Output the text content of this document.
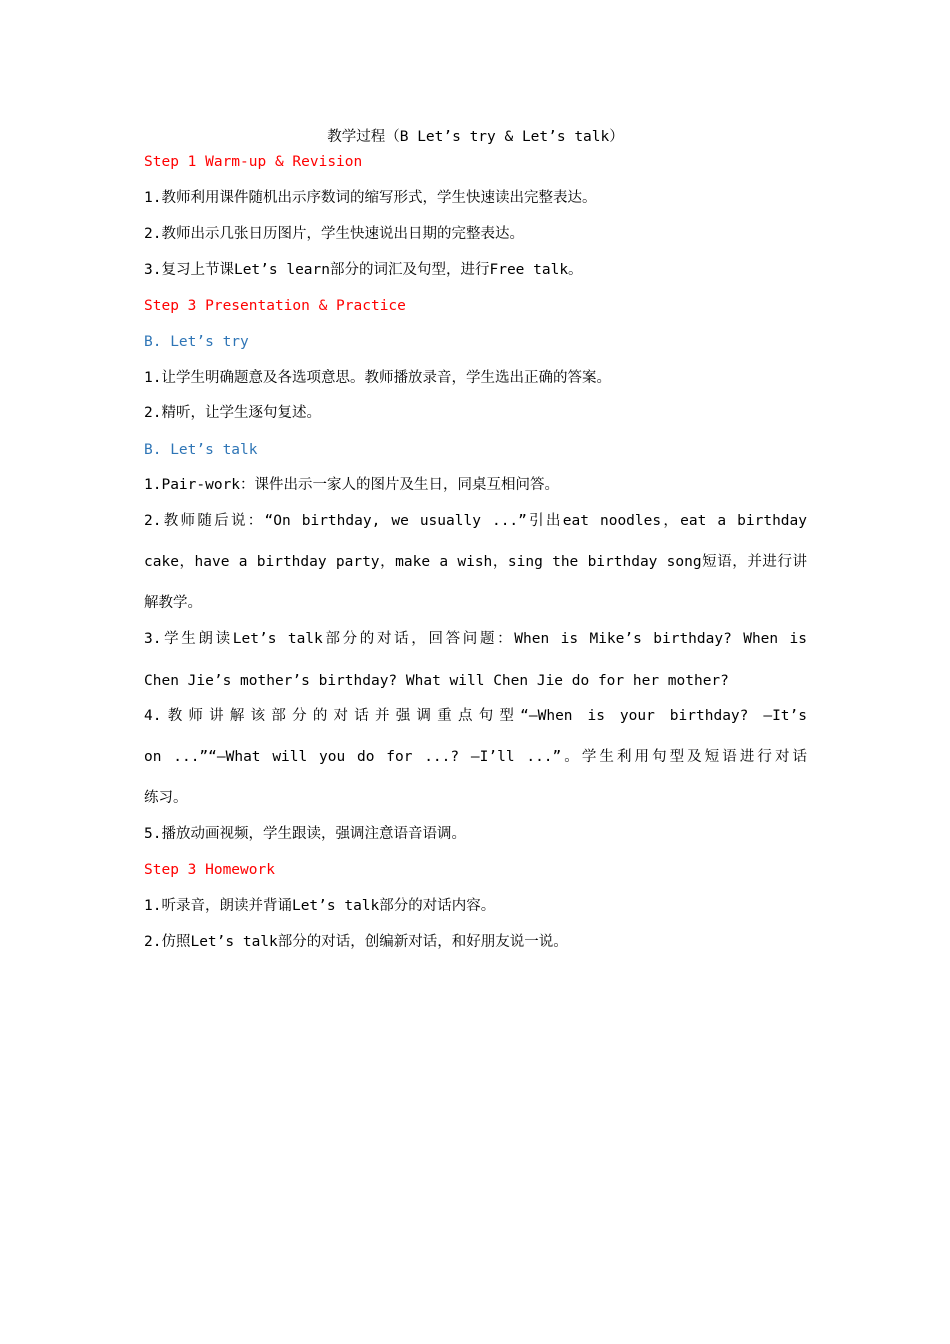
教学过程（B Let’s try & Let’s talk）
Step 1 Warm-up & Revision
1.教师利用课件随机出示序数词的缩写形式，学生快速读出完整表达。
2.教师出示几张日历图片，学生快速说出日期的完整表达。
3.复习上节课Let’s learn部分的词汇及句型，进行Free talk。
Step 3 Presentation & Practice
B. Let’s try
1.让学生明确题意及各选项意思。教师播放录音，学生选出正确的答案。
2.精听，让学生逐句复述。
B. Let’s talk
1.Pair-work：课件出示一家人的图片及生日，同桌互相问答。
2.教师随后说：“On birthday, we usually ...”引出eat noodles，eat a birthday
cake，have a birthday party，make a wish，sing the birthday song短语，并进行讲
解教学。
3.学生朗读Let’s talk部分的对话，回答问题：When is Mike’s birthday? When is
Chen Jie’s mother’s birthday? What will Chen Jie do for her mother?
4.教师讲解该部分的对话并强调重点句型“—When is your birthday? —It’s
on ...”“—What will you do for ...? —I’ll ...”。学生利用句型及短语进行对话
练习。
5.播放动画视频，学生跟读，强调注意语音语调。
Step 3 Homework
1.听录音，朗读并背诵Let’s talk部分的对话内容。
2.仿照Let’s talk部分的对话，创编新对话，和好朋友说一说。
